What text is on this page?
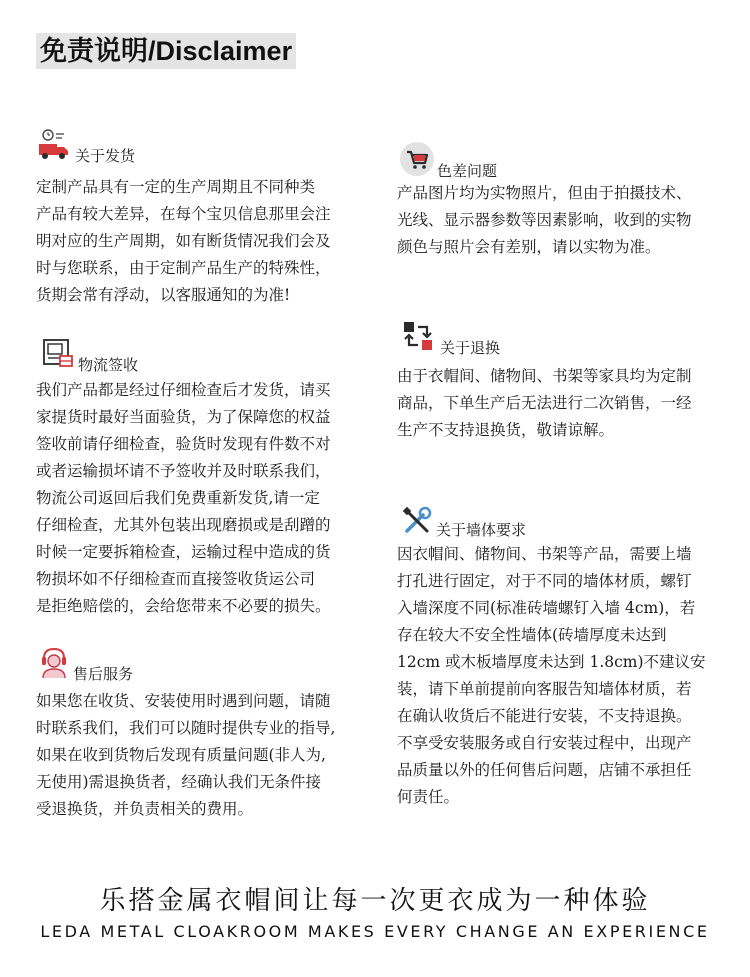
免责说明/Disclaimer
关于发货
定制产品具有一定的生产周期且不同种类
产品有较大差异，在每个宝贝信息那里会注
明对应的生产周期，如有断货情况我们会及
时与您联系，由于定制产品生产的特殊性，
货期会常有浮动，以客服通知的为准!
色差问题
产品图片均为实物照片，但由于拍摄技术、
光线、显示器参数等因素影响，收到的实物
颜色与照片会有差别，请以实物为准。
物流签收
我们产品都是经过仔细检查后才发货，请买
家提货时最好当面验货，为了保障您的权益
签收前请仔细检查，验货时发现有件数不对
或者运输损坏请不予签收并及时联系我们，
物流公司返回后我们免费重新发货,请一定
仔细检查，尤其外包装出现磨损或是刮蹭的
时候一定要拆箱检查，运输过程中造成的货
物损坏如不仔细检查而直接签收货运公司
是拒绝赔偿的，会给您带来不必要的损失。
关于退换
由于衣帽间、储物间、书架等家具均为定制
商品，下单生产后无法进行二次销售，一经
生产不支持退换货，敬请谅解。
售后服务
如果您在收货、安装使用时遇到问题，请随
时联系我们，我们可以随时提供专业的指导,
如果在收到货物后发现有质量问题(非人为,
无使用)需退换货者，经确认我们无条件接
受退换货，并负责相关的费用。
关于墙体要求
因衣帽间、储物间、书架等产品，需要上墙
打孔进行固定，对于不同的墙体材质，螺钉
入墙深度不同(标准砖墙螺钉入墙 4cm)，若
存在较大不安全性墙体(砖墙厚度未达到
12cm 或木板墙厚度未达到 1.8cm)不建议安
装，请下单前提前向客服告知墙体材质，若
在确认收货后不能进行安装，不支持退换。
不享受安装服务或自行安装过程中，出现产
品质量以外的任何售后问题，店铺不承担任
何责任。
乐搭金属衣帽间让每一次更衣成为一种体验
LEDA METAL CLOAKROOM MAKES EVERY CHANGE AN EXPERIENCE
